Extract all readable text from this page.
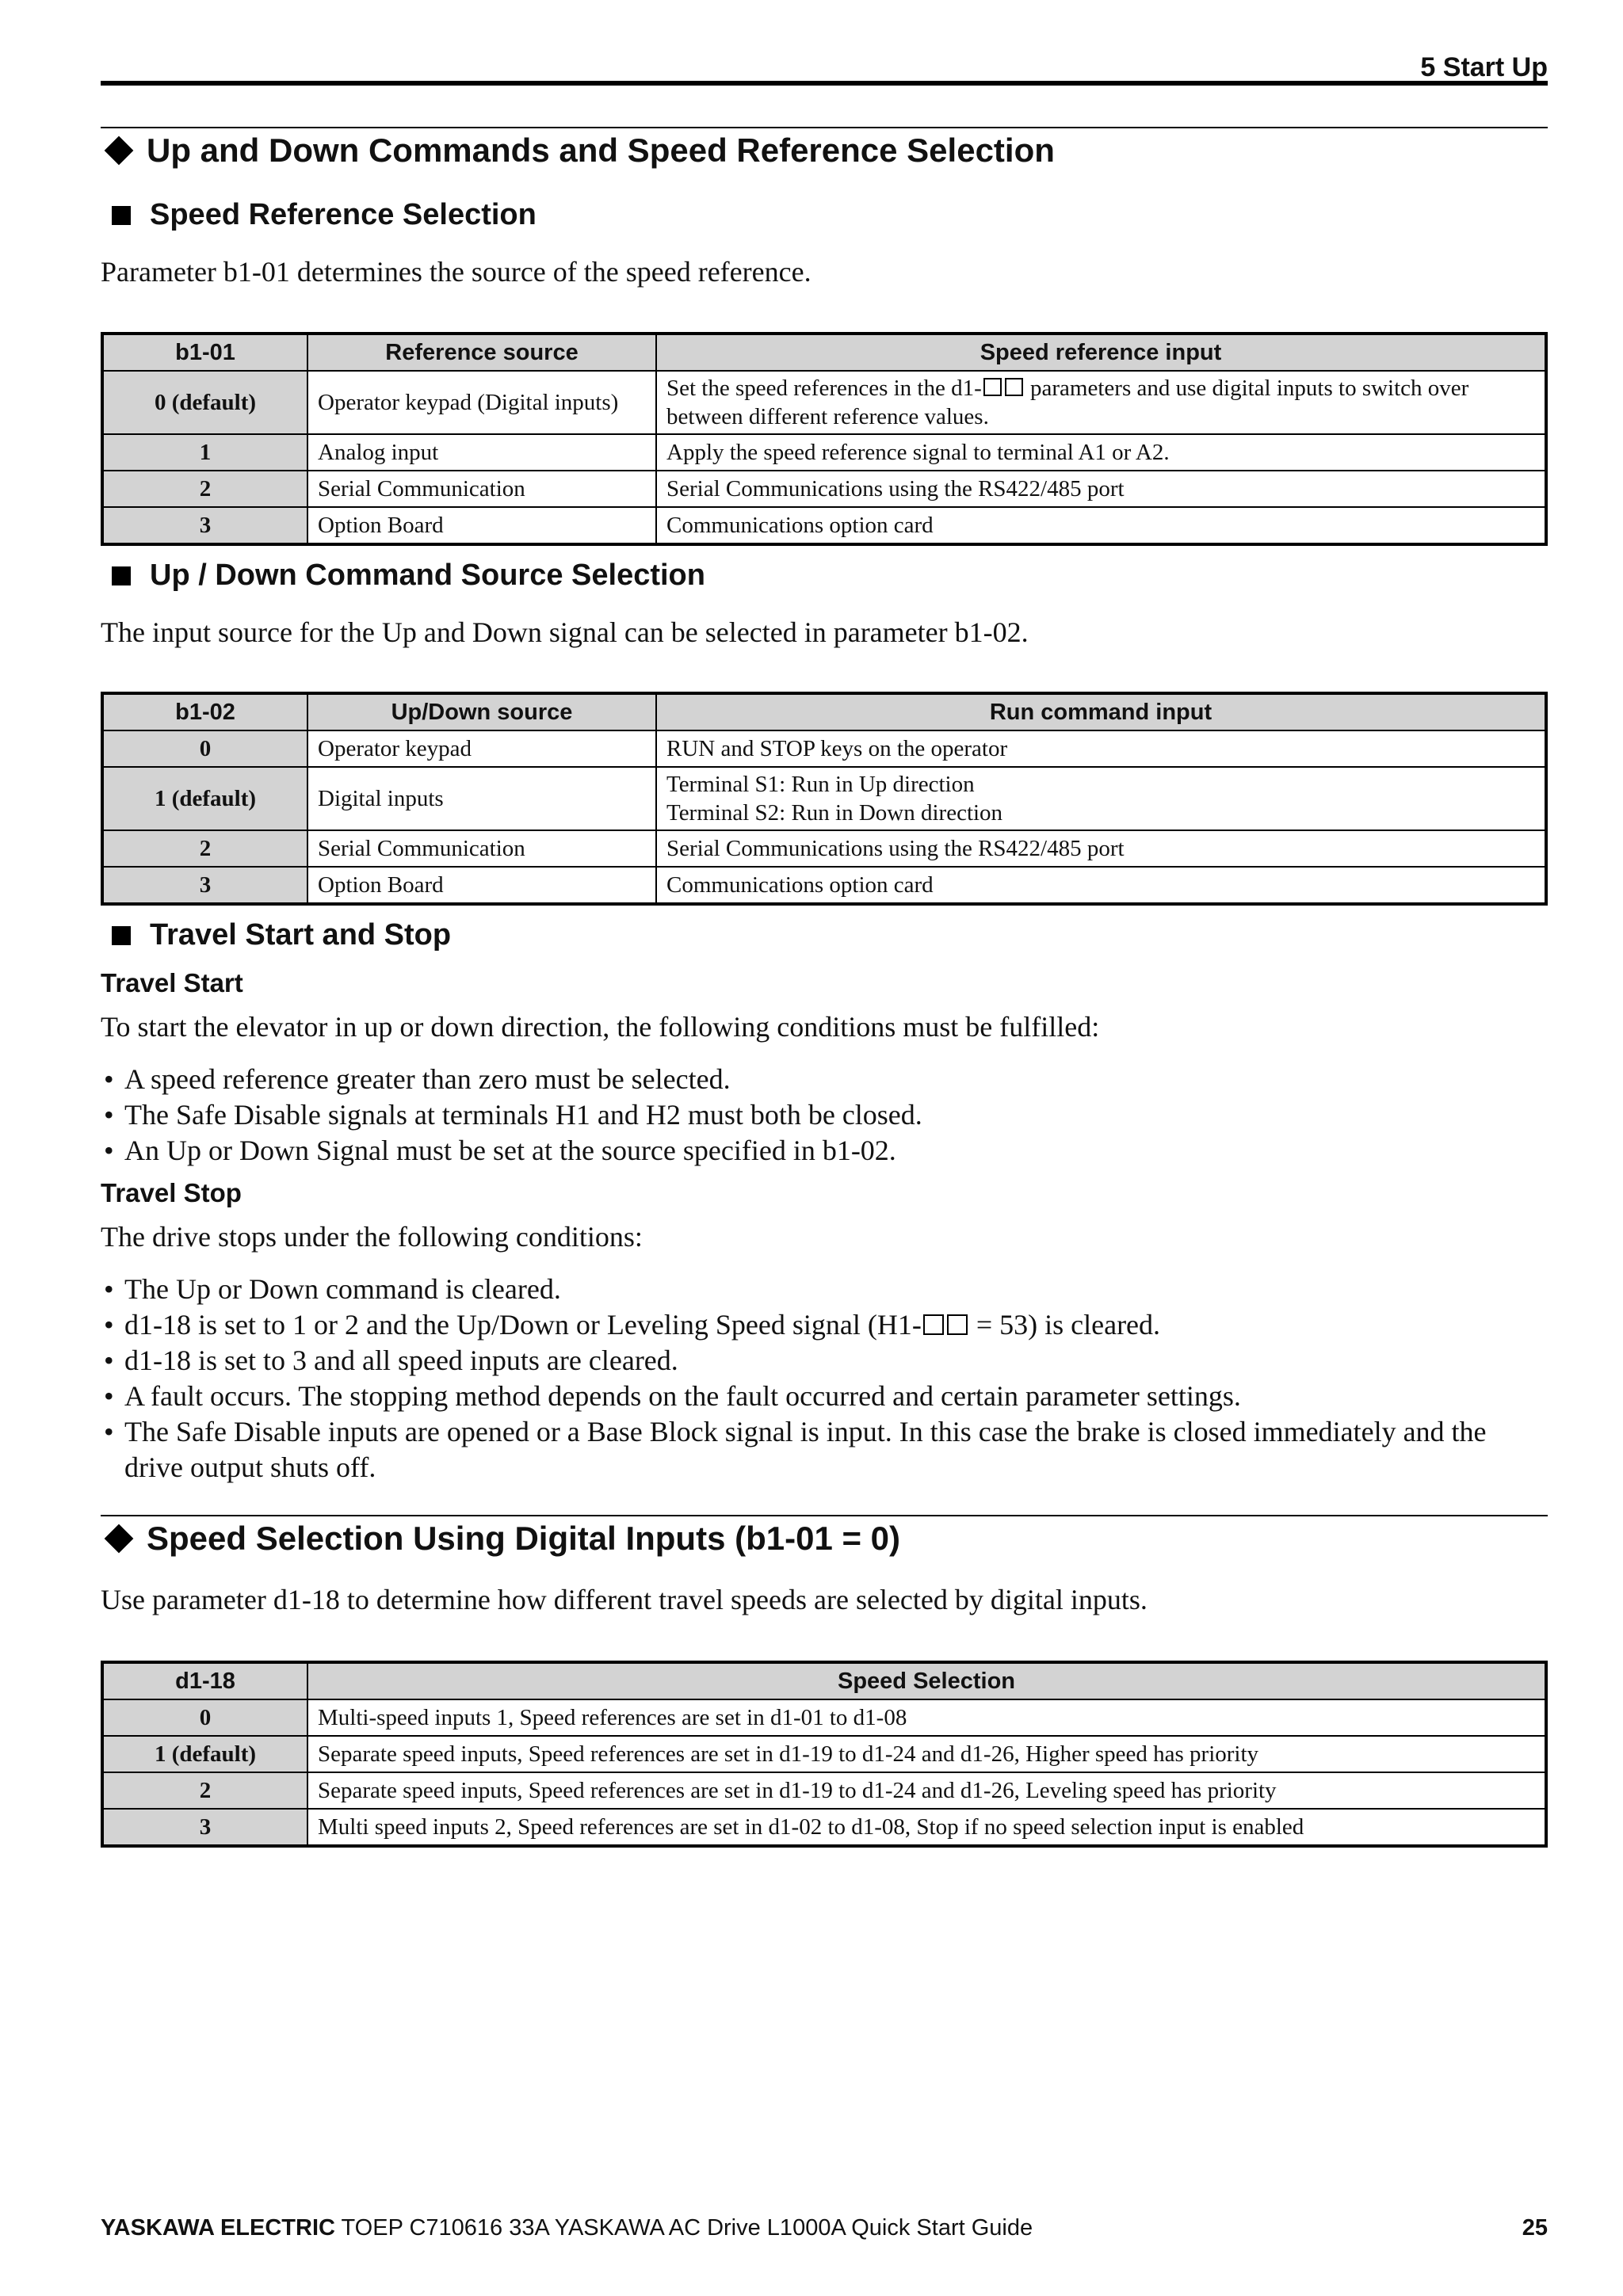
5 Start Up
Up and Down Commands and Speed Reference Selection
Speed Reference Selection
Parameter b1-01 determines the source of the speed reference.
b1-01	Reference source	Speed reference input
0 (default)	Operator keypad (Digital inputs)	Set the speed references in the d1- parameters and use digital inputs to switch over between different reference values.
1	Analog input	Apply the speed reference signal to terminal A1 or A2.
2	Serial Communication	Serial Communications using the RS422/485 port
3	Option Board	Communications option card
Up / Down Command Source Selection
The input source for the Up and Down signal can be selected in parameter b1-02.
b1-02	Up/Down source	Run command input
0	Operator keypad	RUN and STOP keys on the operator
1 (default)	Digital inputs	Terminal S1: Run in Up direction
Terminal S2: Run in Down direction

2	Serial Communication	Serial Communications using the RS422/485 port
3	Option Board	Communications option card
Travel Start and Stop
Travel Start
To start the elevator in up or down direction, the following conditions must be fulfilled:
• A speed reference greater than zero must be selected.
• The Safe Disable signals at terminals H1 and H2 must both be closed.
• An Up or Down Signal must be set at the source specified in b1-02.
Travel Stop
The drive stops under the following conditions:
• The Up or Down command is cleared.
• d1-18 is set to 1 or 2 and the Up/Down or Leveling Speed signal (H1- = 53) is cleared.
• d1-18 is set to 3 and all speed inputs are cleared.
• A fault occurs. The stopping method depends on the fault occurred and certain parameter settings.
• The Safe Disable inputs are opened or a Base Block signal is input. In this case the brake is closed immediately and the drive output shuts off.
Speed Selection Using Digital Inputs (b1-01 = 0)
Use parameter d1-18 to determine how different travel speeds are selected by digital inputs.
d1-18	Speed Selection
0	Multi-speed inputs 1, Speed references are set in d1-01 to d1-08
1 (default)	Separate speed inputs, Speed references are set in d1-19 to d1-24 and d1-26, Higher speed has priority
2	Separate speed inputs, Speed references are set in d1-19 to d1-24 and d1-26, Leveling speed has priority
3	Multi speed inputs 2, Speed references are set in d1-02 to d1-08, Stop if no speed selection input is enabled
YASKAWA ELECTRIC TOEP C710616 33A YASKAWA AC Drive L1000A Quick Start Guide	25
